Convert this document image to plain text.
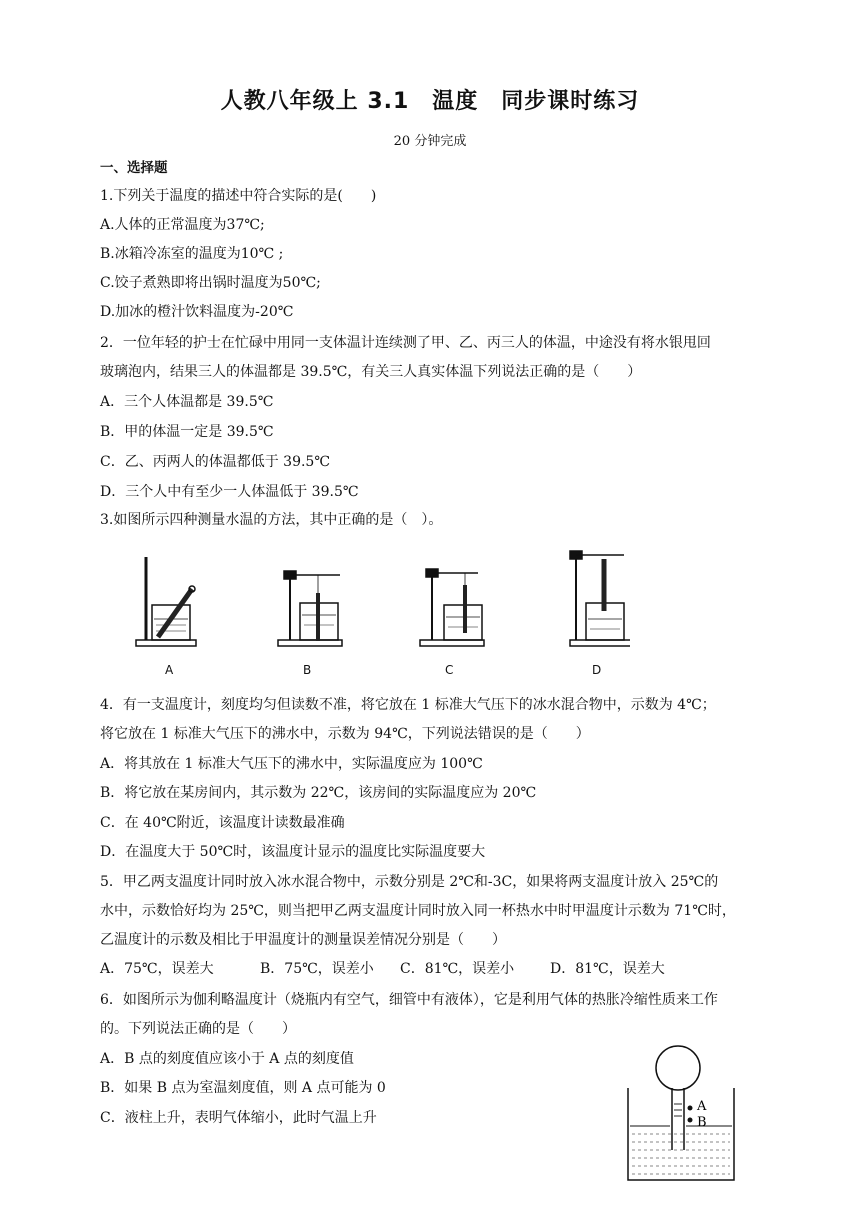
人教八年级上 3.1　温度　同步课时练习
20 分钟完成
一、选择题
1.下列关于温度的描述中符合实际的是(　　)
A.人体的正常温度为37℃;
B.冰箱冷冻室的温度为10℃ ;
C.饺子煮熟即将出锅时温度为50℃;
D.加冰的橙汁饮料温度为-20℃
2．一位年轻的护士在忙碌中用同一支体温计连续测了甲、乙、丙三人的体温，中途没有将水银甩回
玻璃泡内，结果三人的体温都是 39.5℃，有关三人真实体温下列说法正确的是（　　）
A．三个人体温都是 39.5℃
B．甲的体温一定是 39.5℃
C．乙、丙两人的体温都低于 39.5℃
D．三个人中有至少一人体温低于 39.5℃
3.如图所示四种测量水温的方法，其中正确的是（　）。
A	B	C	D
4．有一支温度计，刻度均匀但读数不准，将它放在 1 标准大气压下的冰水混合物中，示数为 4℃；
将它放在 1 标准大气压下的沸水中，示数为 94℃，下列说法错误的是（　　）
A．将其放在 1 标准大气压下的沸水中，实际温度应为 100℃
B．将它放在某房间内，其示数为 22℃，该房间的实际温度应为 20℃
C．在 40℃附近，该温度计读数最准确
D．在温度大于 50℃时，该温度计显示的温度比实际温度要大
5．甲乙两支温度计同时放入冰水混合物中，示数分别是 2℃和-3C，如果将两支温度计放入 25℃的
水中，示数恰好均为 25℃，则当把甲乙两支温度计同时放入同一杯热水中时甲温度计示数为 71℃时，
乙温度计的示数及相比于甲温度计的测量误差情况分别是（　　）
A．75℃，误差大	B．75℃，误差小 C．81℃，误差小	D．81℃，误差大
6．如图所示为伽利略温度计（烧瓶内有空气，细管中有液体），它是利用气体的热胀冷缩性质来工作
的。下列说法正确的是（　　）
A．B 点的刻度值应该小于 A 点的刻度值
B．如果 B 点为室温刻度值，则 A 点可能为 0
C．液柱上升，表明气体缩小，此时气温上升
A
B
